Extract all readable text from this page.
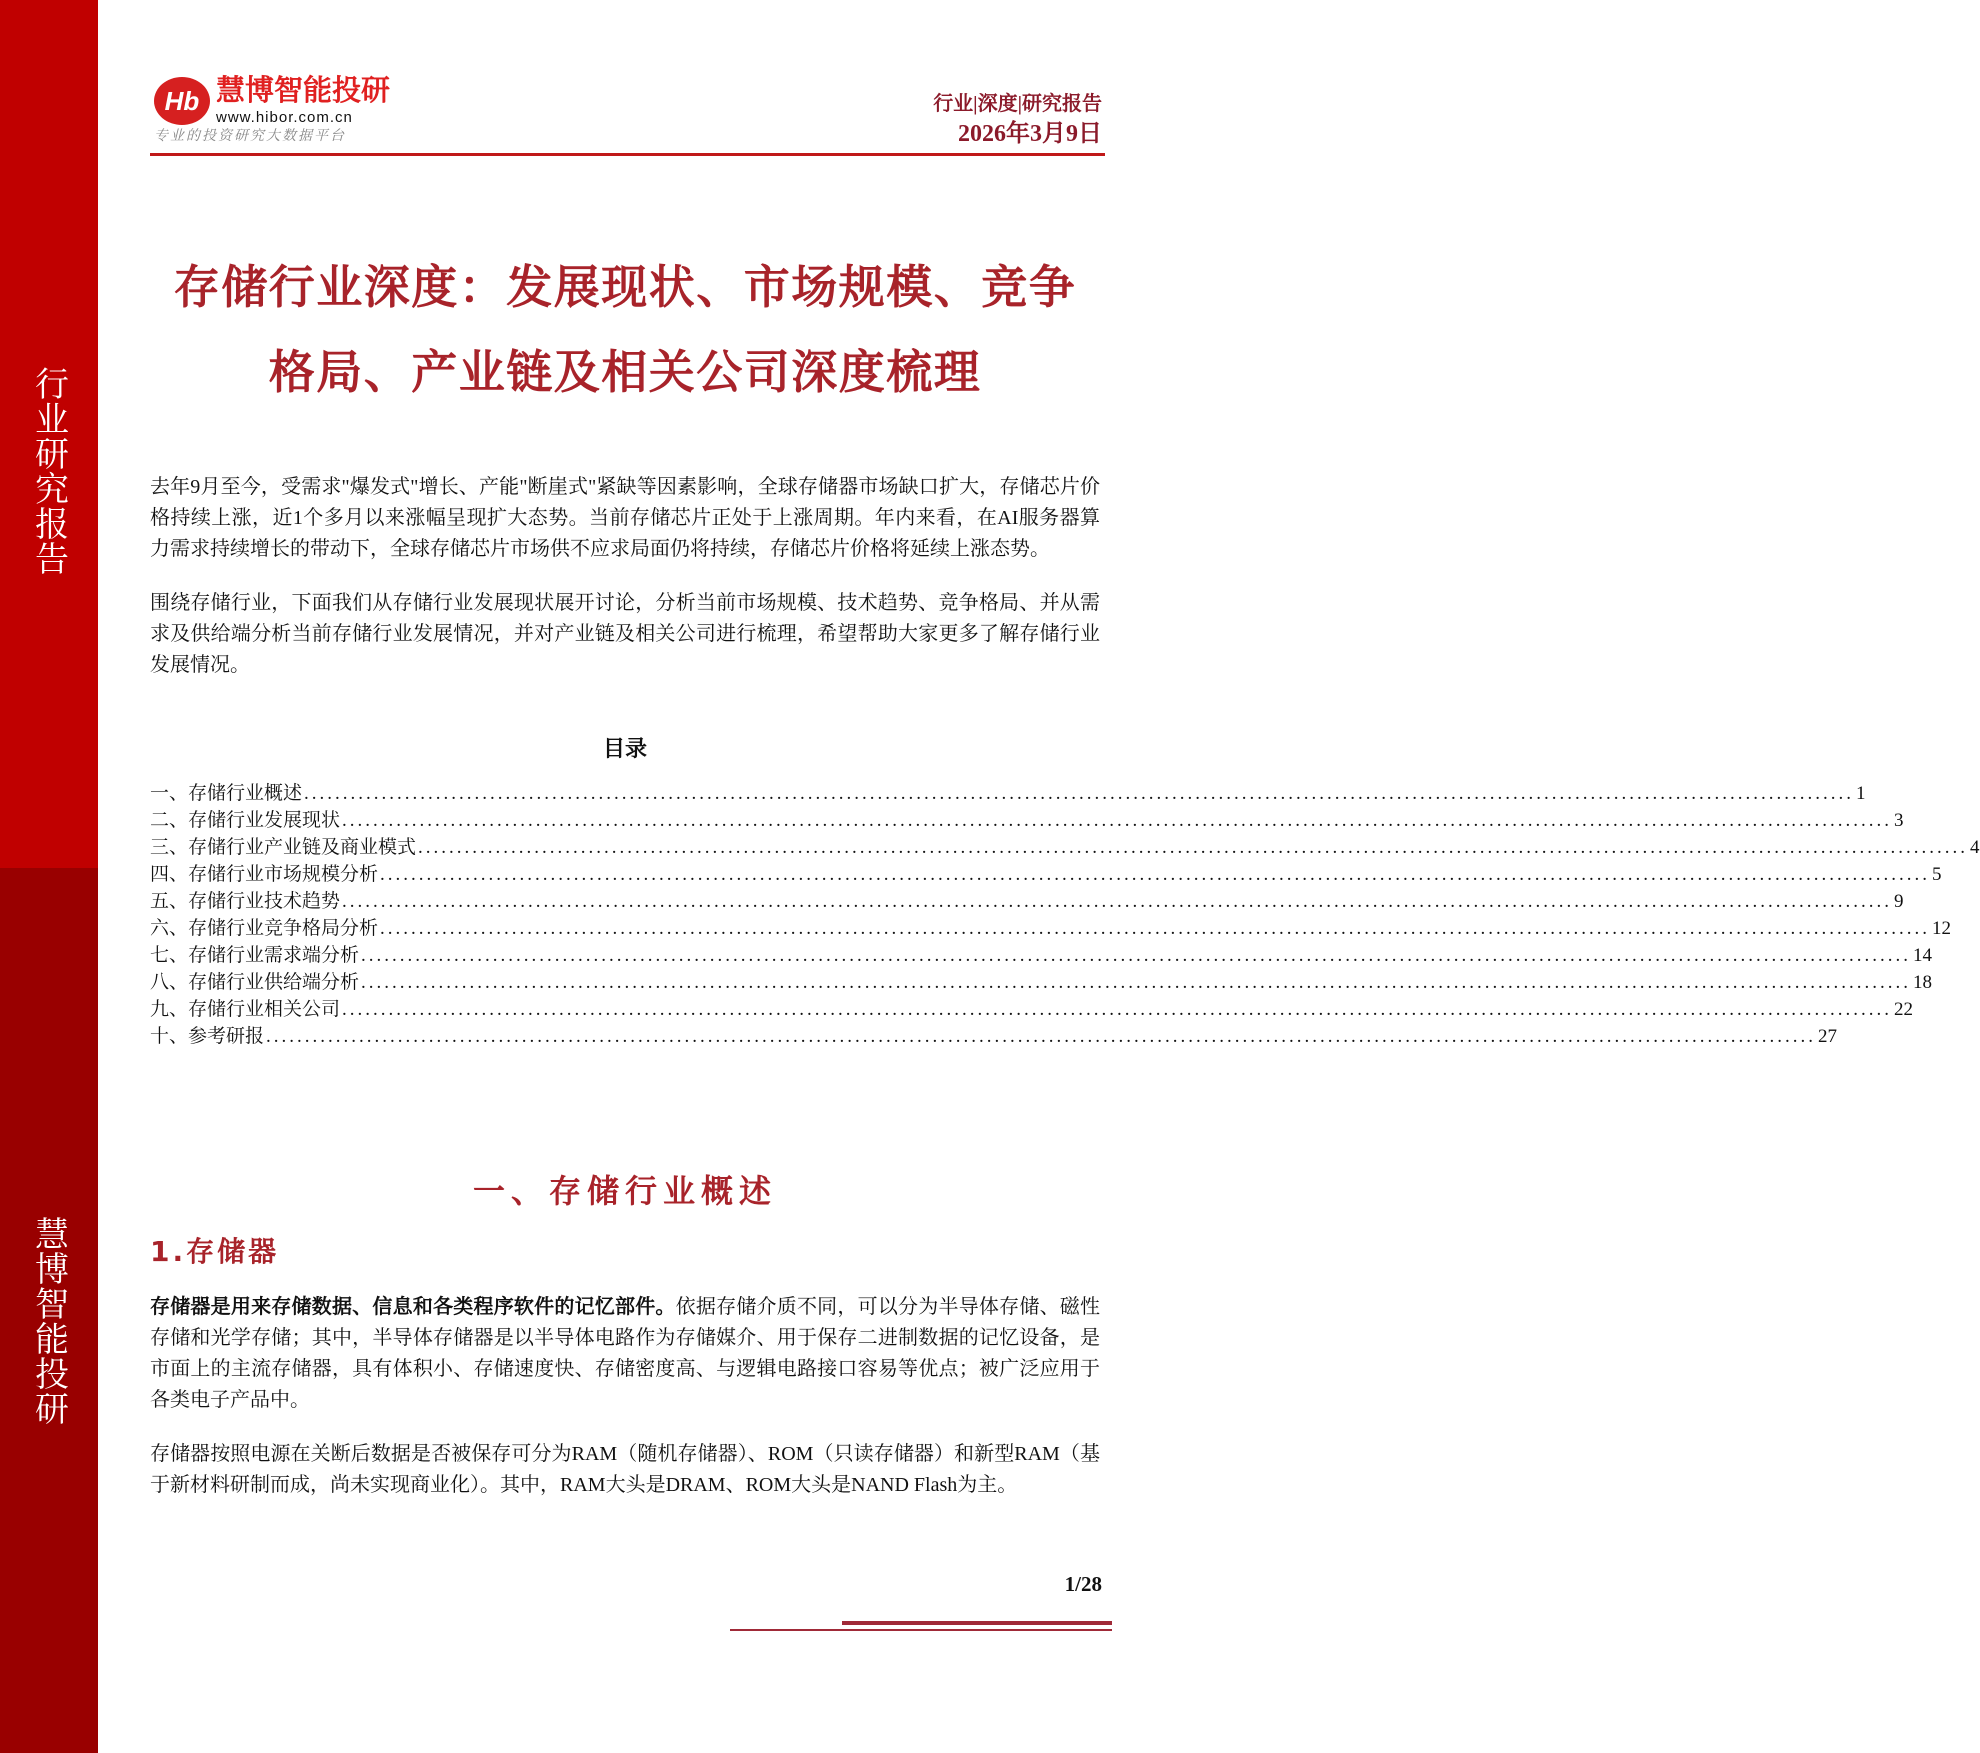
行业研究报告
慧博智能投研
Hb 慧博智能投研
www.hibor.com.cn
专业的投资研究大数据平台
行业|深度|研究报告
2026年3月9日
存储行业深度：发展现状、市场规模、竞争
格局、产业链及相关公司深度梳理

去年9月至今，受需求"爆发式"增长、产能"断崖式"紧缺等因素影响，全球存储器市场缺口扩大，存储芯片价格持续上涨，近1个多月以来涨幅呈现扩大态势。当前存储芯片正处于上涨周期。年内来看，在AI服务器算力需求持续增长的带动下，全球存储芯片市场供不应求局面仍将持续，存储芯片价格将延续上涨态势。

围绕存储行业，下面我们从存储行业发展现状展开讨论，分析当前市场规模、技术趋势、竞争格局、并从需求及供给端分析当前存储行业发展情况，并对产业链及相关公司进行梳理，希望帮助大家更多了解存储行业发展情况。

目录
一、存储行业概述 ........................................................................................................................................................................................................ 1
二、存储行业发展现状 ........................................................................................................................................................................................................ 3
三、存储行业产业链及商业模式 ........................................................................................................................................................................................................ 4
四、存储行业市场规模分析 ........................................................................................................................................................................................................ 5
五、存储行业技术趋势 ........................................................................................................................................................................................................ 9
六、存储行业竞争格局分析 ........................................................................................................................................................................................................ 12
七、存储行业需求端分析 ........................................................................................................................................................................................................ 14
八、存储行业供给端分析 ........................................................................................................................................................................................................ 18
九、存储行业相关公司 ........................................................................................................................................................................................................ 22
十、参考研报 ........................................................................................................................................................................................................ 27
一、存储行业概述
1.存储器

存储器是用来存储数据、信息和各类程序软件的记忆部件。依据存储介质不同，可以分为半导体存储、磁性存储和光学存储；其中，半导体存储器是以半导体电路作为存储媒介、用于保存二进制数据的记忆设备，是市面上的主流存储器，具有体积小、存储速度快、存储密度高、与逻辑电路接口容易等优点；被广泛应用于各类电子产品中。

存储器按照电源在关断后数据是否被保存可分为RAM（随机存储器）、ROM（只读存储器）和新型RAM（基于新材料研制而成，尚未实现商业化）。其中，RAM大头是DRAM、ROM大头是NAND Flash为主。

1/28
